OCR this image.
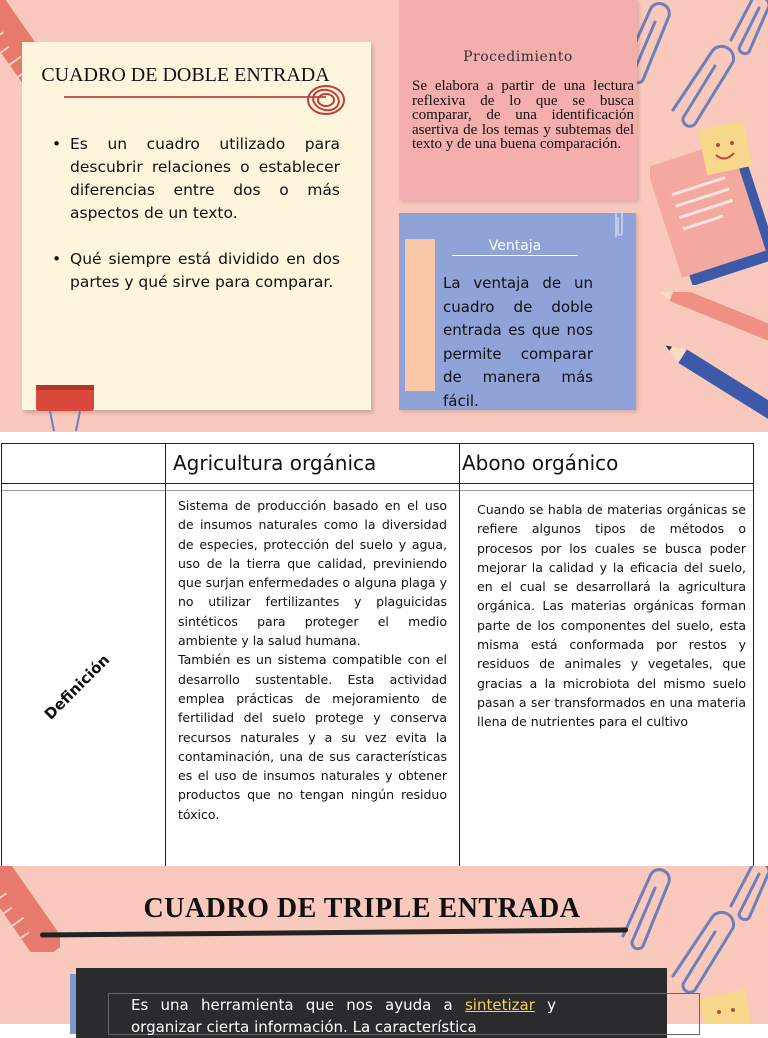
CUADRO DE DOBLE ENTRADA
• Es un cuadro utilizado para descubrir relaciones o establecer diferencias entre dos o más aspectos de un texto.
• Qué siempre está dividido en dos partes y qué sirve para comparar.
Procedimiento
Se elabora a partir de una lectura reflexiva de lo que se busca comparar, de una identificación asertiva de los temas y subtemas del texto y de una buena comparación.
Ventaja
La ventaja de un cuadro de doble entrada es que nos permite comparar de manera más fácil.
Agricultura orgánica	Abono orgánico
Definición
Sistema de producción basado en el uso de insumos naturales como la diversidad de especies, protección del suelo y agua, uso de la tierra que calidad, previniendo que surjan enfermedades o alguna plaga y no utilizar fertilizantes y plaguicidas sintéticos para proteger el medio ambiente y la salud humana.
También es un sistema compatible con el desarrollo sustentable. Esta actividad emplea prácticas de mejoramiento de fertilidad del suelo protege y conserva recursos naturales y a su vez evita la contaminación, una de sus características es el uso de insumos naturales y obtener productos que no tengan ningún residuo tóxico.
Cuando se habla de materias orgánicas se refiere algunos tipos de métodos o procesos por los cuales se busca poder mejorar la calidad y la eficacia del suelo, en el cual se desarrollará la agricultura orgánica. Las materias orgánicas forman parte de los componentes del suelo, esta misma está conformada por restos y residuos de animales y vegetales, que gracias a la microbiota del mismo suelo pasan a ser transformados en una materia llena de nutrientes para el cultivo
CUADRO DE TRIPLE ENTRADA
Es una herramienta que nos ayuda a sintetizar y organizar cierta información. La característica
